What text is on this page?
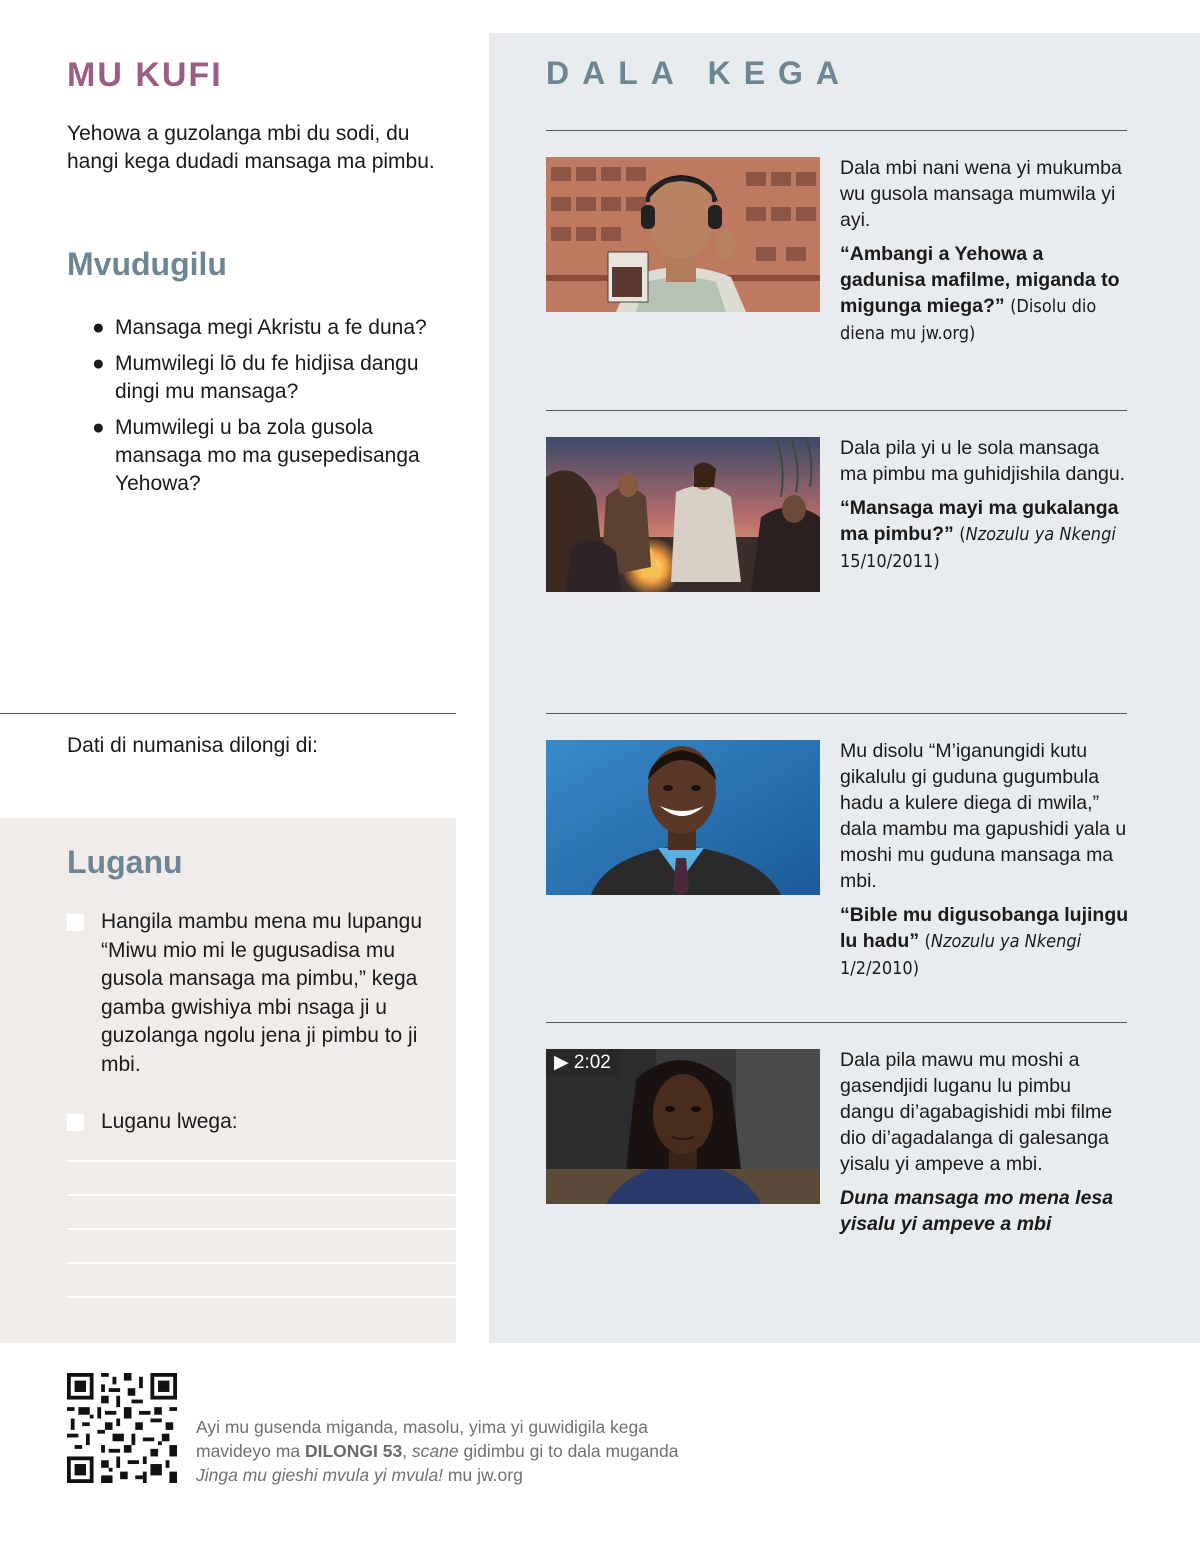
MU KUFI

Yehowa a guzolanga mbi du sodi, du hangi kega dudadi mansaga ma pimbu.

Mvudugilu
● Mansaga megi Akristu a fe duna?
● Mumwilegi lō du fe hidjisa dangu dingi mu mansaga?
● Mumwilegi u ba zola gusola mansaga mo ma gusepedisanga Yehowa?
Dati di numanisa dilongi di:
Luganu
Hangila mambu mena mu lupangu “Miwu mio mi le gugusadisa mu gusola mansaga ma pimbu,” kega gamba gwishiya mbi nsaga ji u guzolanga ngolu jena ji pimbu to ji mbi.
Luganu lwega:
DALA KEGA
Dala mbi nani wena yi mukumba wu gusola mansaga mumwila yi ayi.
“Ambangi a Yehowa a gadunisa mafilme, miganda to migunga miega?” (Disolu dio diena mu jw.org)
Dala pila yi u le sola mansaga ma pimbu ma guhidjishila dangu.
“Mansaga mayi ma gukalanga ma pimbu?” (Nzozulu ya Nkengi 15/10/2011)
Mu disolu “M’iganungidi kutu gikalulu gi guduna gugumbula hadu a kulere diega di mwila,” dala mambu ma gapushidi yala u moshi mu guduna mansaga ma mbi.
“Bible mu digusobanga lujingu lu hadu” (Nzozulu ya Nkengi 1/2/2010)
▶ 2:02	Dala pila mawu mu moshi a gasendjidi luganu lu pimbu dangu di’agabagishidi mbi filme dio di’agadalanga di galesanga yisalu yi ampeve a mbi.
Duna mansaga mo mena lesa yisalu yi ampeve a mbi

Ayi mu gusenda miganda, masolu, yima yi guwidigila kega mavideyo ma DILONGI 53, scane gidimbu gi to dala muganda Jinga mu gieshi mvula yi mvula! mu jw.org
